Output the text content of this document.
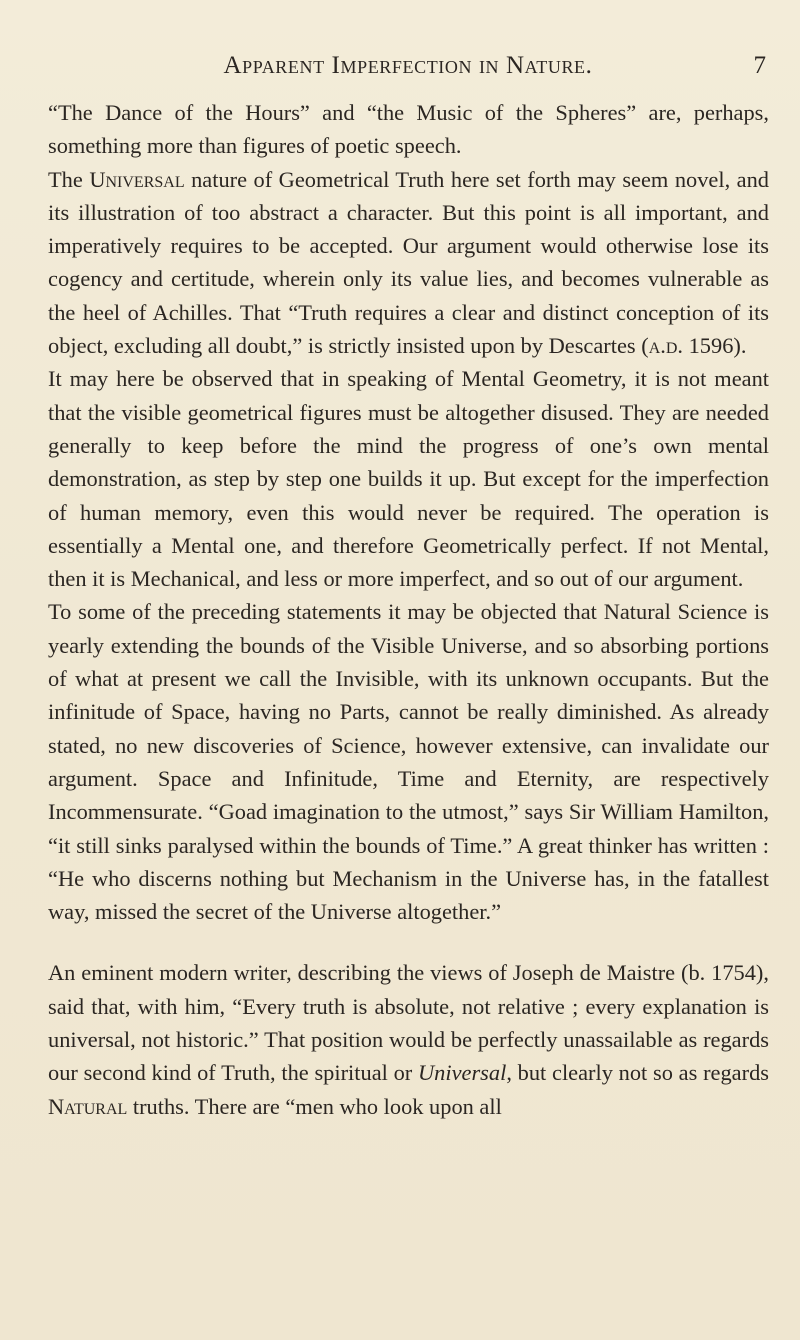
Apparent Imperfection in Nature.	7

“The Dance of the Hours” and “the Music of the Spheres” are, perhaps, something more than figures of poetic speech.

The Universal nature of Geometrical Truth here set forth may seem novel, and its illustration of too abstract a character. But this point is all important, and imperatively requires to be accepted. Our argument would otherwise lose its cogency and certitude, wherein only its value lies, and becomes vulnerable as the heel of Achilles. That “Truth requires a clear and distinct conception of its object, excluding all doubt,” is strictly insisted upon by Descartes (a.d. 1596).

It may here be observed that in speaking of Mental Geometry, it is not meant that the visible geometrical figures must be altogether disused. They are needed generally to keep before the mind the progress of one’s own mental demonstration, as step by step one builds it up. But except for the imperfection of human memory, even this would never be required. The operation is essentially a Mental one, and therefore Geometrically perfect. If not Mental, then it is Mechanical, and less or more imperfect, and so out of our argument.

To some of the preceding statements it may be objected that Natural Science is yearly extending the bounds of the Visible Universe, and so absorbing portions of what at present we call the Invisible, with its unknown occupants. But the infinitude of Space, having no Parts, cannot be really diminished. As already stated, no new discoveries of Science, however extensive, can invalidate our argument. Space and Infinitude, Time and Eternity, are respectively Incommensurate. “Goad imagination to the utmost,” says Sir William Hamilton, “it still sinks paralysed within the bounds of Time.” A great thinker has written : “He who discerns nothing but Mechanism in the Universe has, in the fatallest way, missed the secret of the Universe altogether.”

An eminent modern writer, describing the views of Joseph de Maistre (b. 1754), said that, with him, “Every truth is absolute, not relative ; every explanation is universal, not historic.” That position would be perfectly unassailable as regards our second kind of Truth, the spiritual or Universal, but clearly not so as regards Natural truths. There are “men who look upon all
